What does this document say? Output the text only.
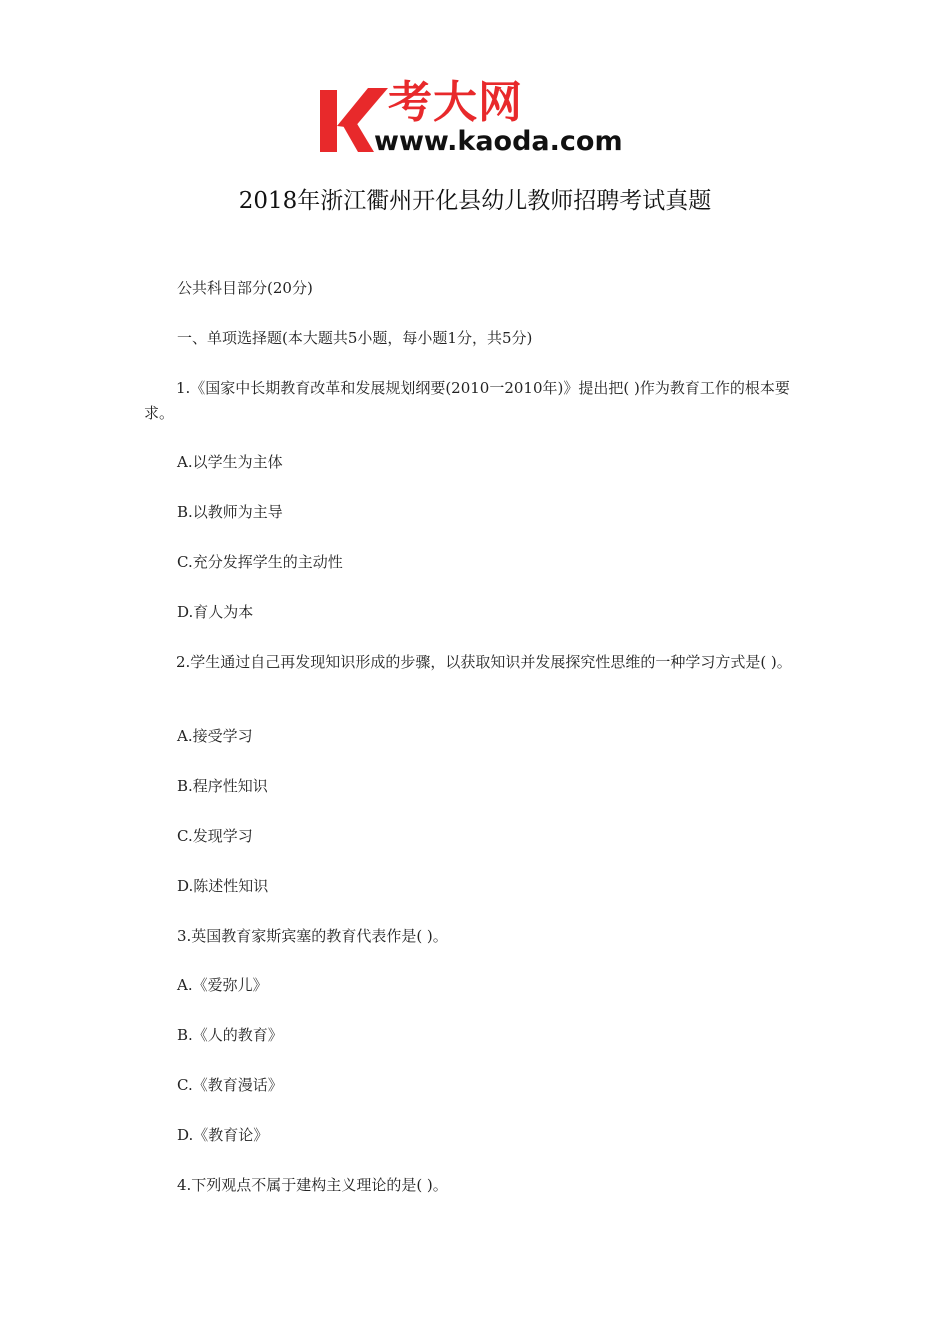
考大网
www.kaoda.com
2018年浙江衢州开化县幼儿教师招聘考试真题
公共科目部分(20分)
一、单项选择题(本大题共5小题，每小题1分，共5分)
1.《国家中长期教育改革和发展规划纲要(2010一2010年)》提出把( )作为教育工作的根本要求。
A.以学生为主体
B.以教师为主导
C.充分发挥学生的主动性
D.育人为本
2.学生通过自己再发现知识形成的步骤，以获取知识并发展探究性思维的一种学习方式是( )。
A.接受学习
B.程序性知识
C.发现学习
D.陈述性知识
3.英国教育家斯宾塞的教育代表作是( )。
A.《爱弥儿》
B.《人的教育》
C.《教育漫话》
D.《教育论》
4.下列观点不属于建构主义理论的是( )。
